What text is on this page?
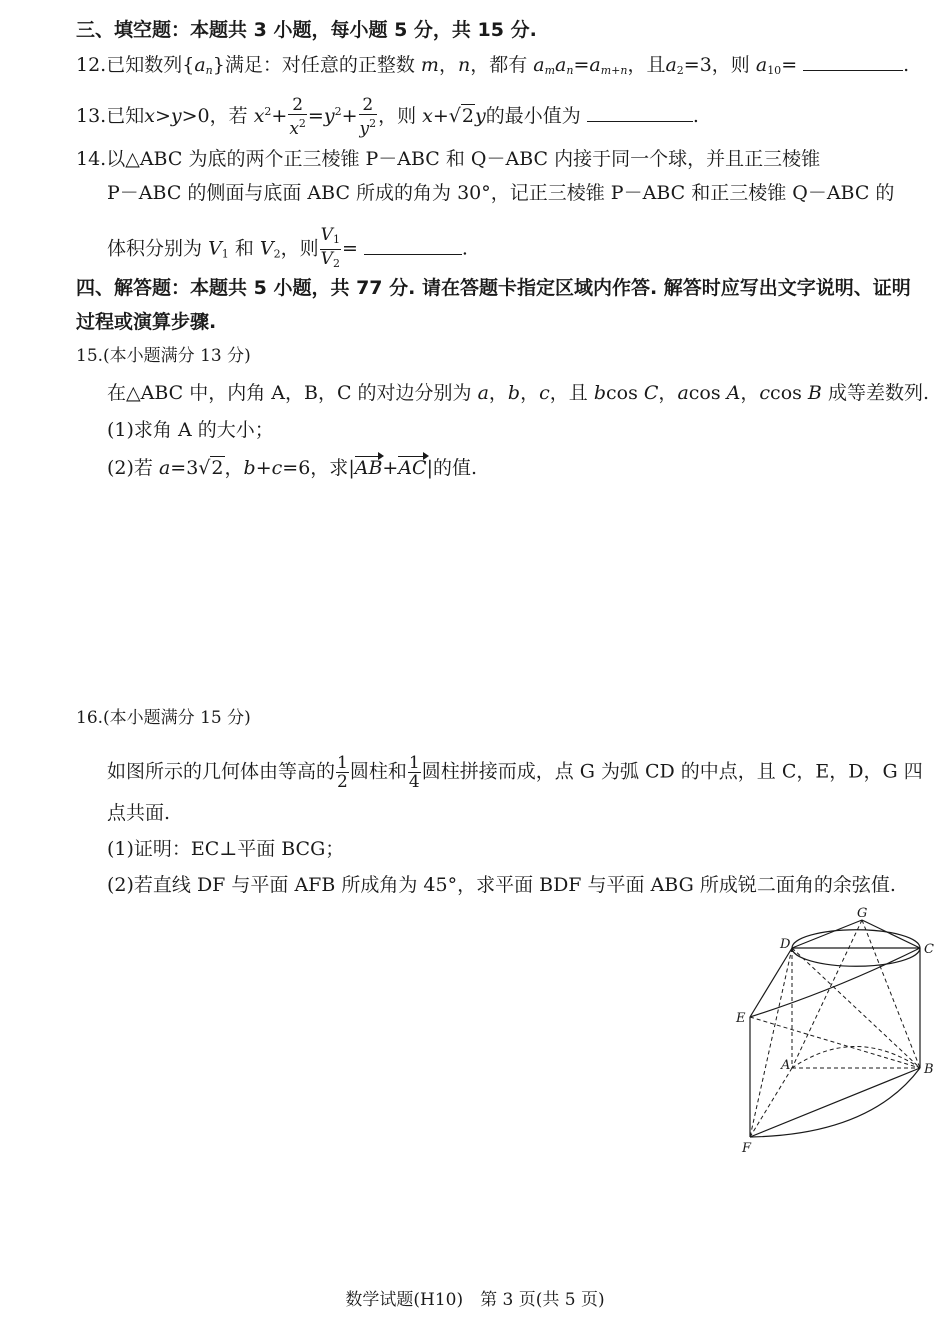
三、填空题：本题共 3 小题，每小题 5 分，共 15 分.
12.已知数列$\{a_n\}$满足：对任意的正整数 m，n，都有 $a_ma_n=a_{m+n}$，且$a_2=3$，则 $a_{10}=$	.
13.已知x>y>0，若 $x^2+ \frac{2}{x^2} =y^2+ \frac{2}{y^2}$ ，则 x+√2y的最小值为	.
14.以△ABC 为底的两个正三棱锥 P－ABC 和 Q－ABC 内接于同一个球，并且正三棱锥
P－ABC 的侧面与底面 ABC 所成的角为 30°，记正三棱锥 P－ABC 和正三棱锥 Q－ABC 的
体积分别为 $V_1$ 和 $V_2$，则 $\frac{V_1}{V_2}$ =	.
四、解答题：本题共 5 小题，共 77 分. 请在答题卡指定区域内作答. 解答时应写出文字说明、证明
过程或演算步骤.
15.(本小题满分 13 分)
在△ABC 中，内角 A，B，C 的对边分别为 a，b，c，且 bcos C，acos A，ccos B 成等差数列.
(1)求角 A 的大小；
(2)若 a=3√2，b+c=6，求|AB+AC|的值.
16.(本小题满分 15 分)
如图所示的几何体由等高的 $\frac{1}{2}$ 圆柱和 $\frac{1}{4}$ 圆柱拼接而成，点 G 为弧 CD 的中点，且 C，E，D，G 四
点共面.
(1)证明：EC⊥平面 BCG；
(2)若直线 DF 与平面 AFB 所成角为 45°，求平面 BDF 与平面 ABG 所成锐二面角的余弦值.
G
D	C
E
A	B
F
数学试题(H10)　第 3 页(共 5 页)
